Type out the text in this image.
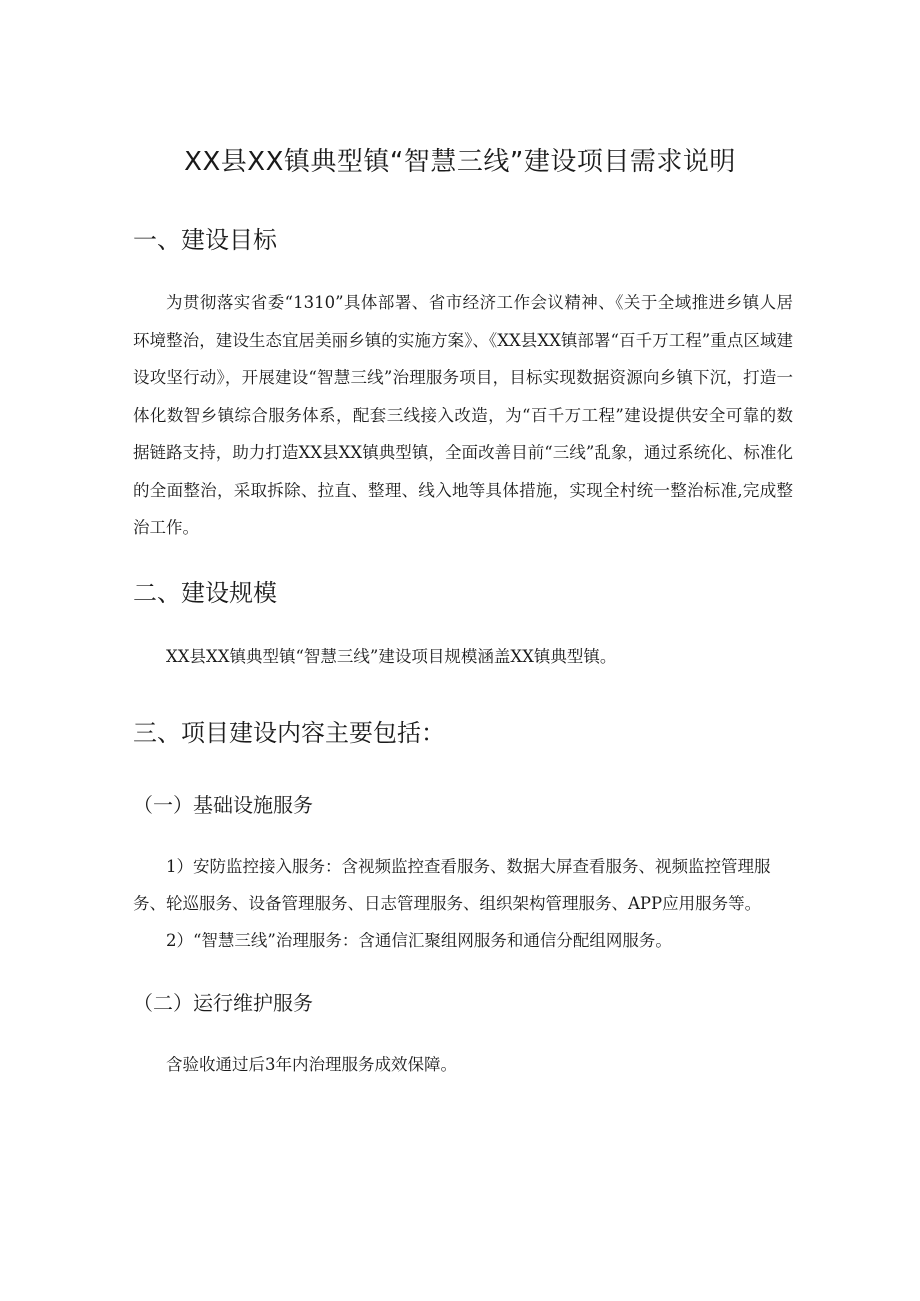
XX县XX镇典型镇“智慧三线”建设项目需求说明
一、建设目标

为贯彻落实省委“1310”具体部署、省市经济工作会议精神、《关于全域推进乡镇人居环境整治，建设生态宜居美丽乡镇的实施方案》、《XX县XX镇部署“百千万工程”重点区域建设攻坚行动》，开展建设“智慧三线”治理服务项目，目标实现数据资源向乡镇下沉，打造一体化数智乡镇综合服务体系，配套三线接入改造，为“百千万工程”建设提供安全可靠的数据链路支持，助力打造XX县XX镇典型镇，全面改善目前“三线”乱象，通过系统化、标准化的全面整治，采取拆除、拉直、整理、线入地等具体措施，实现全村统一整治标准,完成整治工作。

二、建设规模

XX县XX镇典型镇“智慧三线”建设项目规模涵盖XX镇典型镇。

三、项目建设内容主要包括：
（一）基础设施服务

1）安防监控接入服务：含视频监控查看服务、数据大屏查看服务、视频监控管理服

务、轮巡服务、设备管理服务、日志管理服务、组织架构管理服务、APP应用服务等。

2）“智慧三线”治理服务：含通信汇聚组网服务和通信分配组网服务。

（二）运行维护服务

含验收通过后3年内治理服务成效保障。
